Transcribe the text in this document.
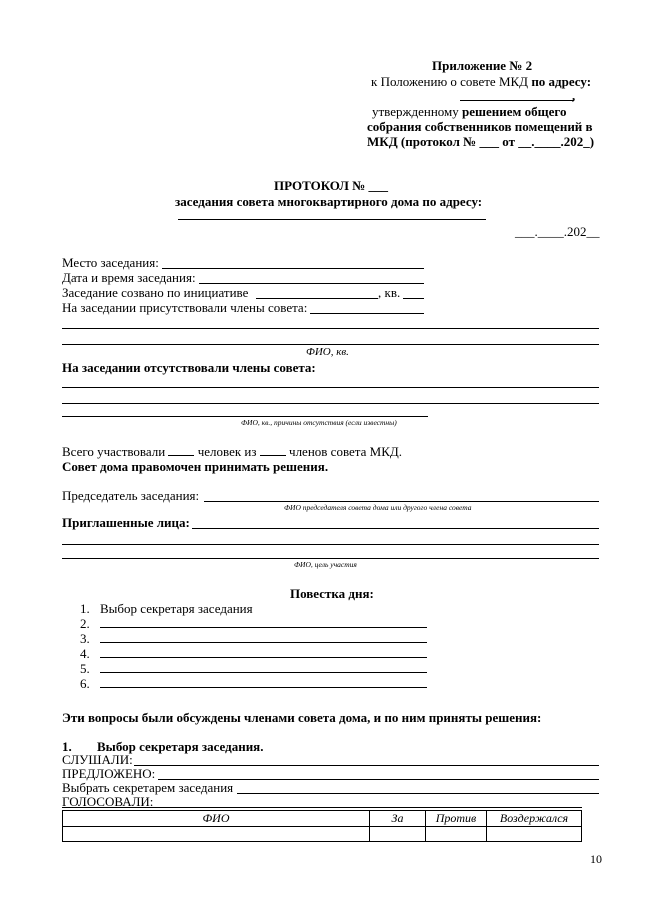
Приложение № 2
к Положению о совете МКД по адресу:
,
утвержденному решением общего
собрания собственников помещений в
МКД (протокол № ___ от __.____.202_)
ПРОТОКОЛ № ___
заседания совета многоквартирного дома по адресу:
___.____.202__
Место заседания:
Дата и время заседания:
Заседание созвано по инициативе	, кв.
На заседании присутствовали члены совета:
ФИО, кв.
На заседании отсутствовали члены совета:
ФИО, кв., причины отсутствия (если известны)
Всего участвовали	человек из	членов совета МКД.
Совет дома правомочен принимать решения.
Председатель заседания:
ФИО председателя совета дома или другого члена совета
Приглашенные лица:
ФИО, цель участия
Повестка дня:
1. Выбор секретаря заседания
2.
3.
4.
5.
6.
Эти вопросы были обсуждены членами совета дома, и по ним приняты решения:
1. Выбор секретаря заседания.
СЛУШАЛИ:
ПРЕДЛОЖЕНО:
Выбрать секретарем заседания
ГОЛОСОВАЛИ:
ФИО	За	Против	Воздержался

10
